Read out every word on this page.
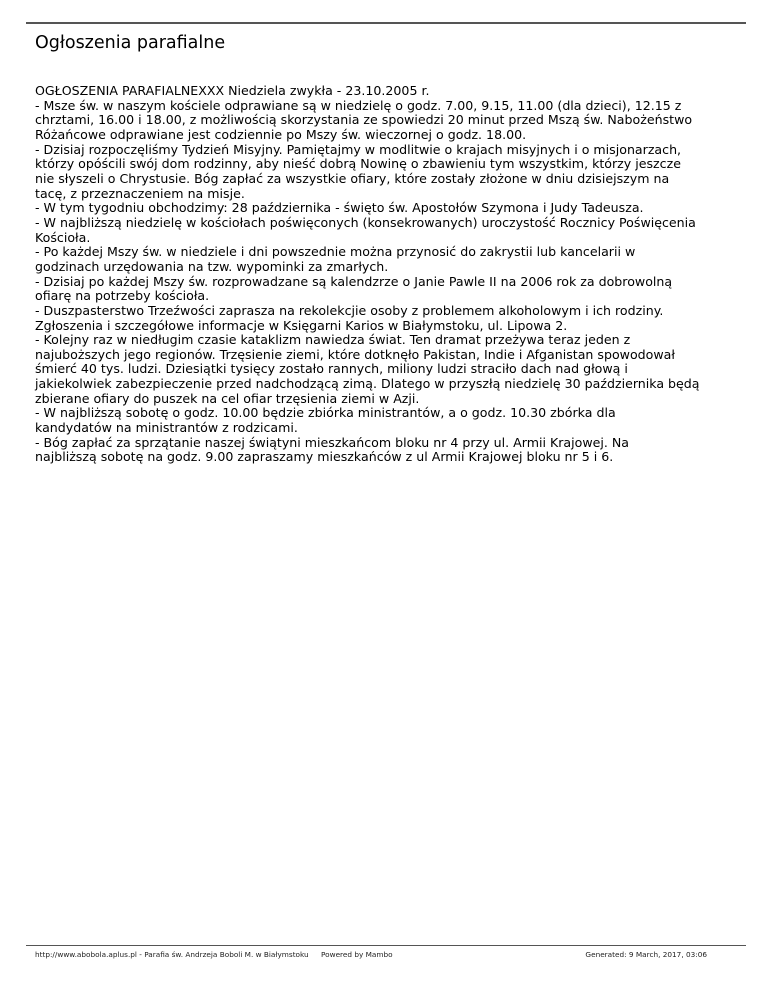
Ogłoszenia parafialne
OGŁOSZENIA PARAFIALNEXXX Niedziela zwykła - 23.10.2005 r.
- Msze św. w naszym kościele odprawiane są w niedzielę o godz. 7.00, 9.15, 11.00 (dla dzieci), 12.15 z
chrztami, 16.00 i 18.00, z możliwością skorzystania ze spowiedzi 20 minut przed Mszą św. Nabożeństwo
Różańcowe odprawiane jest codziennie po Mszy św. wieczornej o godz. 18.00.
- Dzisiaj rozpoczęliśmy Tydzień Misyjny. Pamiętajmy w modlitwie o krajach misyjnych i o misjonarzach,
którzy opóścili swój dom rodzinny, aby nieść dobrą Nowinę o zbawieniu tym wszystkim, którzy jeszcze
nie słyszeli o Chrystusie. Bóg zapłać za wszystkie ofiary, które zostały złożone w dniu dzisiejszym na
tacę, z przeznaczeniem na misje.
- W tym tygodniu obchodzimy: 28 października - święto św. Apostołów Szymona i Judy Tadeusza.
- W najbliższą niedzielę w kościołach poświęconych (konsekrowanych) uroczystość Rocznicy Poświęcenia
Kościoła.
- Po każdej Mszy św. w niedziele i dni powszednie można przynosić do zakrystii lub kancelarii w
godzinach urzędowania na tzw. wypominki za zmarłych.
- Dzisiaj po każdej Mszy św. rozprowadzane są kalendzrze o Janie Pawle II na 2006 rok za dobrowolną
ofiarę na potrzeby kościoła.
- Duszpasterstwo Trzeźwości zaprasza na rekolekcjie osoby z problemem alkoholowym i ich rodziny.
Zgłoszenia i szczegółowe informacje w Księgarni Karios w Białymstoku, ul. Lipowa 2.
- Kolejny raz w niedługim czasie kataklizm nawiedza świat. Ten dramat przeżywa teraz jeden z
najuboższych jego regionów. Trzęsienie ziemi, które dotknęło Pakistan, Indie i Afganistan spowodował
śmierć 40 tys. ludzi. Dziesiątki tysięcy zostało rannych, miliony ludzi straciło dach nad głową i
jakiekolwiek zabezpieczenie przed nadchodzącą zimą. Dlatego w przyszłą niedzielę 30 października będą
zbierane ofiary do puszek na cel ofiar trzęsienia ziemi w Azji.
- W najbliższą sobotę o godz. 10.00 będzie zbiórka ministrantów, a o godz. 10.30 zbórka dla
kandydatów na ministrantów z rodzicami.
- Bóg zapłać za sprzątanie naszej świątyni mieszkańcom bloku nr 4 przy ul. Armii Krajowej. Na
najbliższą sobotę na godz. 9.00 zapraszamy mieszkańców z ul Armii Krajowej bloku nr 5 i 6.
http://www.abobola.aplus.pl - Parafia św. Andrzeja Boboli M. w Białymstoku Powered by Mambo	Generated: 9 March, 2017, 03:06
